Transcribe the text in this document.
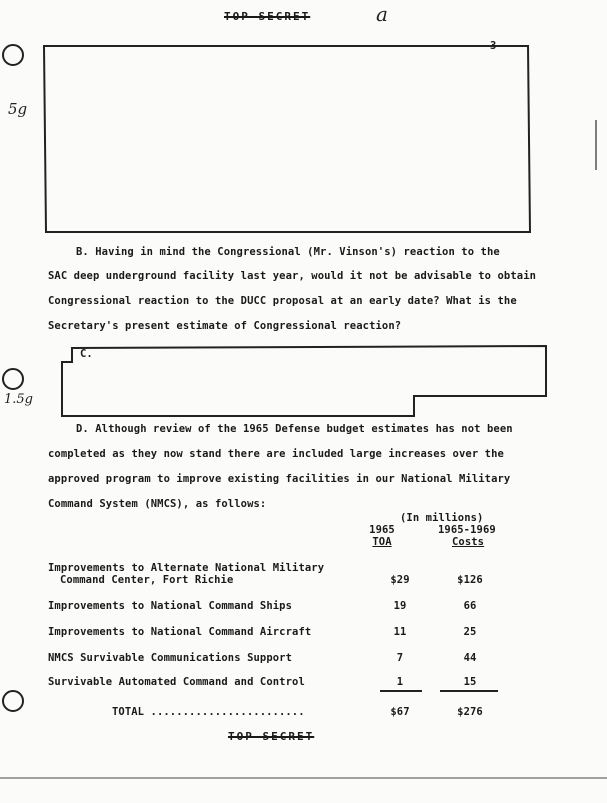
TOP SECRET	a
5g
1.5g
3
B. Having in mind the Congressional (Mr. Vinson's) reaction to the
SAC deep underground facility last year, would it not be advisable to obtain
Congressional reaction to the DUCC proposal at an early date? What is the
Secretary's present estimate of Congressional reaction?
C.
D. Although review of the 1965 Defense budget estimates has not been
completed as they now stand there are included large increases over the
approved program to improve existing facilities in our National Military
Command System (NMCS), as follows:
(In millions)
1965
TOA
1965-1969
Costs
Improvements to Alternate National Military
Command Center, Fort Richie	$29	$126
Improvements to National Command Ships	19	66
Improvements to National Command Aircraft	11	25
NMCS Survivable Communications Support	7	44
Survivable Automated Command and Control	1	15
TOTAL ........................	$67	$276
TOP SECRET
